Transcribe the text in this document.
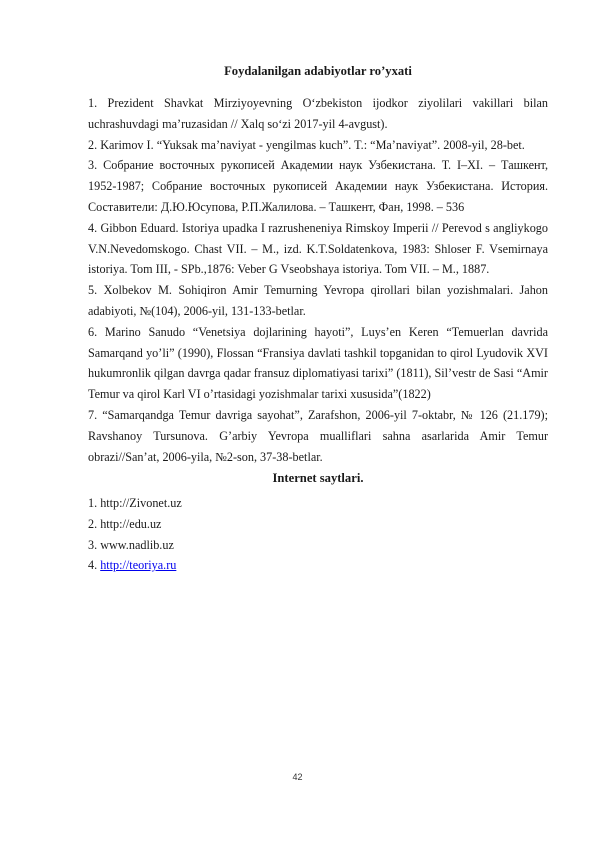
Foydalanilgan adabiyotlar ro’yxati
1. Prezident Shavkat Mirziyoyevning O‘zbekiston ijodkor ziyolilari vakillari bilan uchrashuvdagi ma’ruzasidan // Xalq so‘zi 2017-yil 4-avgust).
2. Karimov I. “Yuksak ma’naviyat - yengilmas kuch”. T.: “Ma’naviyat”. 2008-yil, 28-bet.
3. Собрание восточных рукописей Академии наук Узбекистана. Т. I–XI. – Ташкент, 1952-1987; Собрание восточных рукописей Академии наук Узбекистана. История. Составители: Д.Ю.Юсупова, Р.П.Жалилова. – Ташкент, Фан, 1998. – 536
4. Gibbon Eduard. Istoriya upadka I razrusheneniya Rimskoy Imperii // Perevod s angliykogo V.N.Nevedomskogo. Chast VII. – M., izd. K.T.Soldatenkova, 1983: Shloser F. Vsemirnaya istoriya. Tom III, - SPb.,1876: Veber G Vseobshaya istoriya. Tom VII. – M., 1887.
5. Xolbekov M. Sohiqiron Amir Temurning Yevropa qirollari bilan yozishmalari. Jahon adabiyoti, №(104), 2006-yil, 131-133-betlar.
6. Marino Sanudo “Venetsiya dojlarining hayoti”, Luys’en Keren “Temuerlan davrida Samarqand yo’li” (1990), Flossan “Fransiya davlati tashkil topganidan to qirol Lyudovik XVI hukumronlik qilgan davrga qadar fransuz diplomatiyasi tarixi” (1811), Sil’vestr de Sasi “Amir Temur va qirol Karl VI o’rtasidagi yozishmalar tarixi xususida”(1822)
7. “Samarqandga Temur davriga sayohat”, Zarafshon, 2006-yil 7-oktabr, № 126 (21.179); Ravshanoy Tursunova. G’arbiy Yevropa mualliflari sahna asarlarida Amir Temur obrazi//San’at, 2006-yila, №2-son, 37-38-betlar.
Internet saytlari.
1. http://Zivonet.uz
2. http://edu.uz
3. www.nadlib.uz
4. http://teoriya.ru
42
